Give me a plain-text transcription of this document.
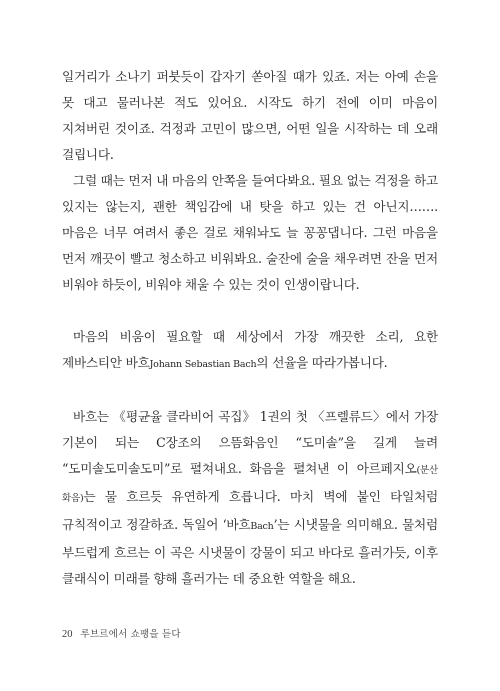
일거리가 소나기 퍼붓듯이 갑자기 쏟아질 때가 있죠. 저는 아예 손을 못 대고 물러나본 적도 있어요. 시작도 하기 전에 이미 마음이 지쳐버린 것이죠. 걱정과 고민이 많으면, 어떤 일을 시작하는 데 오래 걸립니다.

그럴 때는 먼저 내 마음의 안쪽을 들여다봐요. 필요 없는 걱정을 하고 있지는 않는지, 괜한 책임감에 내 탓을 하고 있는 건 아닌지……. 마음은 너무 여려서 좋은 걸로 채워놔도 늘 꽁꽁댑니다. 그런 마음을 먼저 깨끗이 빨고 청소하고 비워봐요. 술잔에 술을 채우려면 잔을 먼저 비워야 하듯이, 비워야 채울 수 있는 것이 인생이랍니다.

마음의 비움이 필요할 때 세상에서 가장 깨끗한 소리, 요한 제바스티안 바흐Johann Sebastian Bach의 선율을 따라가봅니다.

바흐는 《평균율 클라비어 곡집》 1권의 첫 〈프렐류드〉에서 가장 기본이 되는 C장조의 으뜸화음인 “도미솔”을 길게 늘려 “도미솔도미솔도미”로 펼쳐내요. 화음을 펼쳐낸 이 아르페지오(분산 화음)는 물 흐르듯 유연하게 흐릅니다. 마치 벽에 붙인 타일처럼 규칙적이고 정갈하죠. 독일어 ‘바흐Bach’는 시냇물을 의미해요. 물처럼 부드럽게 흐르는 이 곡은 시냇물이 강물이 되고 바다로 흘러가듯, 이후 클래식이 미래를 향해 흘러가는 데 중요한 역할을 해요.

20 루브르에서 쇼팽을 듣다
